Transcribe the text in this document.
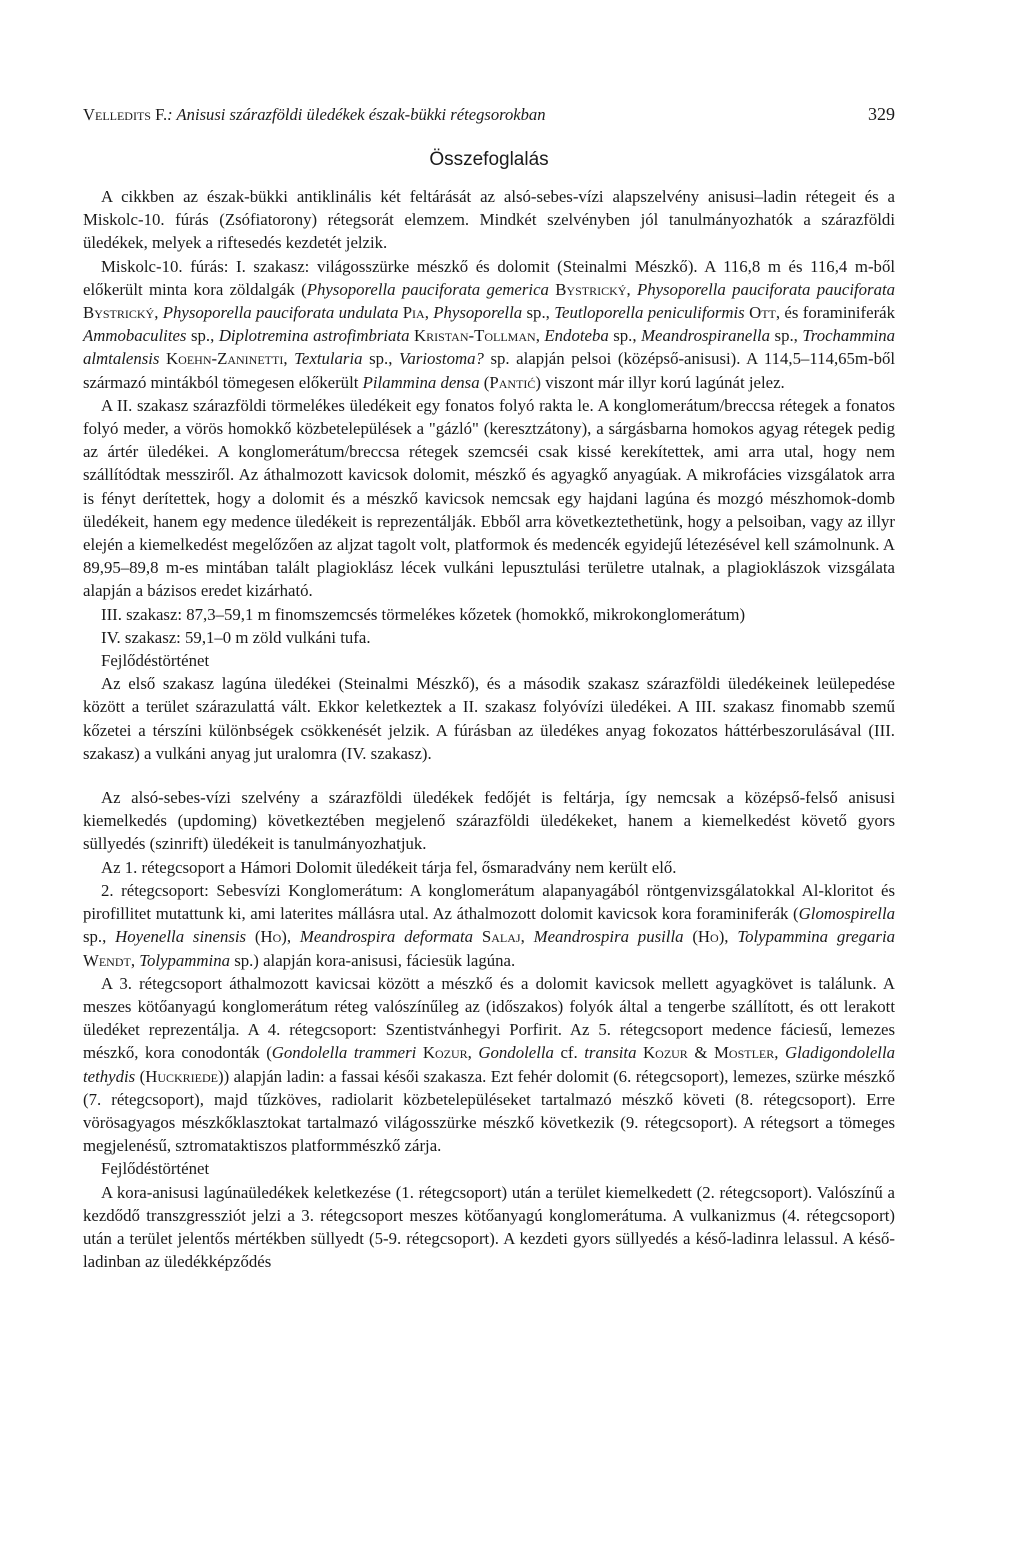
Velledits F.: Anisusi szárazföldi üledékek észak-bükki rétegsorokban	329
Összefoglalás

A cikkben az észak-bükki antiklinális két feltárását az alsó-sebes-vízi alapszelvény anisusi–ladin rétegeit és a Miskolc-10. fúrás (Zsófiatorony) rétegsorát elemzem. Mindkét szelvényben jól tanulmányozhatók a szárazföldi üledékek, melyek a riftesedés kezdetét jelzik.

Miskolc-10. fúrás: I. szakasz: világosszürke mészkő és dolomit (Steinalmi Mészkő). A 116,8 m és 116,4 m-ből előkerült minta kora zöldalgák (Physoporella pauciforata gemerica Bystrický, Physoporella pauciforata pauciforata Bystrický, Physoporella pauciforata undulata Pia, Physoporella sp., Teutloporella peniculiformis Ott, és foraminiferák Ammobaculites sp., Diplotremina astrofimbriata Kristan-Tollman, Endoteba sp., Meandrospiranella sp., Trochammina almtalensis Koehn-Zaninetti, Textularia sp., Variostoma? sp. alapján pelsoi (középső-anisusi). A 114,5–114,65m-ből származó mintákból tömegesen előkerült Pilammina densa (Pantić) viszont már illyr korú lagúnát jelez.

A II. szakasz szárazföldi törmelékes üledékeit egy fonatos folyó rakta le. A konglomerátum/breccsa rétegek a fonatos folyó meder, a vörös homokkő közbetelepülések a "gázló" (keresztzátony), a sárgásbarna homokos agyag rétegek pedig az ártér üledékei. A konglomerátum/breccsa rétegek szemcséi csak kissé kerekítettek, ami arra utal, hogy nem szállítódtak messziről. Az áthalmozott kavicsok dolomit, mészkő és agyagkő anyagúak. A mikrofácies vizsgálatok arra is fényt derítettek, hogy a dolomit és a mészkő kavicsok nemcsak egy hajdani lagúna és mozgó mészhomok-domb üledékeit, hanem egy medence üledékeit is reprezentálják. Ebből arra következtethetünk, hogy a pelsoiban, vagy az illyr elején a kiemelkedést megelőzően az aljzat tagolt volt, platformok és medencék egyidejű létezésével kell számolnunk. A 89,95–89,8 m-es mintában talált plagioklász lécek vulkáni lepusztulási területre utalnak, a plagioklászok vizsgálata alapján a bázisos eredet kizárható.

III. szakasz: 87,3–59,1 m finomszemcsés törmelékes kőzetek (homokkő, mikrokonglomerátum)

IV. szakasz: 59,1–0 m zöld vulkáni tufa.

Fejlődéstörténet

Az első szakasz lagúna üledékei (Steinalmi Mészkő), és a második szakasz szárazföldi üledékeinek leülepedése között a terület szárazulattá vált. Ekkor keletkeztek a II. szakasz folyóvízi üledékei. A III. szakasz finomabb szemű kőzetei a térszíni különbségek csökkenését jelzik. A fúrásban az üledékes anyag fokozatos háttérbeszorulásával (III. szakasz) a vulkáni anyag jut uralomra (IV. szakasz).

Az alsó-sebes-vízi szelvény a szárazföldi üledékek fedőjét is feltárja, így nemcsak a középső-felső anisusi kiemelkedés (updoming) következtében megjelenő szárazföldi üledékeket, hanem a kiemelkedést követő gyors süllyedés (szinrift) üledékeit is tanulmányozhatjuk.

Az 1. rétegcsoport a Hámori Dolomit üledékeit tárja fel, ősmaradvány nem került elő.

2. rétegcsoport: Sebesvízi Konglomerátum: A konglomerátum alapanyagából röntgenvizsgálatokkal Al-kloritot és pirofillitet mutattunk ki, ami laterites mállásra utal. Az áthalmozott dolomit kavicsok kora foraminiferák (Glomospirella sp., Hoyenella sinensis (Ho), Meandrospira deformata Salaj, Meandrospira pusilla (Ho), Tolypammina gregaria Wendt, Tolypammina sp.) alapján kora-anisusi, fáciesük lagúna.

A 3. rétegcsoport áthalmozott kavicsai között a mészkő és a dolomit kavicsok mellett agyagkövet is találunk. A meszes kötőanyagú konglomerátum réteg valószínűleg az (időszakos) folyók által a tengerbe szállított, és ott lerakott üledéket reprezentálja. A 4. rétegcsoport: Szentistvánhegyi Porfirit. Az 5. rétegcsoport medence fáciesű, lemezes mészkő, kora conodonták (Gondolella trammeri Kozur, Gondolella cf. transita Kozur & Mostler, Gladigondolella tethydis (Huckriede)) alapján ladin: a fassai késői szakasza. Ezt fehér dolomit (6. rétegcsoport), lemezes, szürke mészkő (7. rétegcsoport), majd tűzköves, radiolarit közbetelepüléseket tartalmazó mészkő követi (8. rétegcsoport). Erre vörösagyagos mészkőklasztokat tartalmazó világosszürke mészkő következik (9. rétegcsoport). A rétegsort a tömeges megjelenésű, sztromataktiszos platformmészkő zárja.

Fejlődéstörténet

A kora-anisusi lagúnaüledékek keletkezése (1. rétegcsoport) után a terület kiemelkedett (2. rétegcsoport). Valószínű a kezdődő transzgressziót jelzi a 3. rétegcsoport meszes kötőanyagú konglomerátuma. A vulkanizmus (4. rétegcsoport) után a terület jelentős mértékben süllyedt (5-9. rétegcsoport). A kezdeti gyors süllyedés a késő-ladinra lelassul. A késő-ladinban az üledékképződés
